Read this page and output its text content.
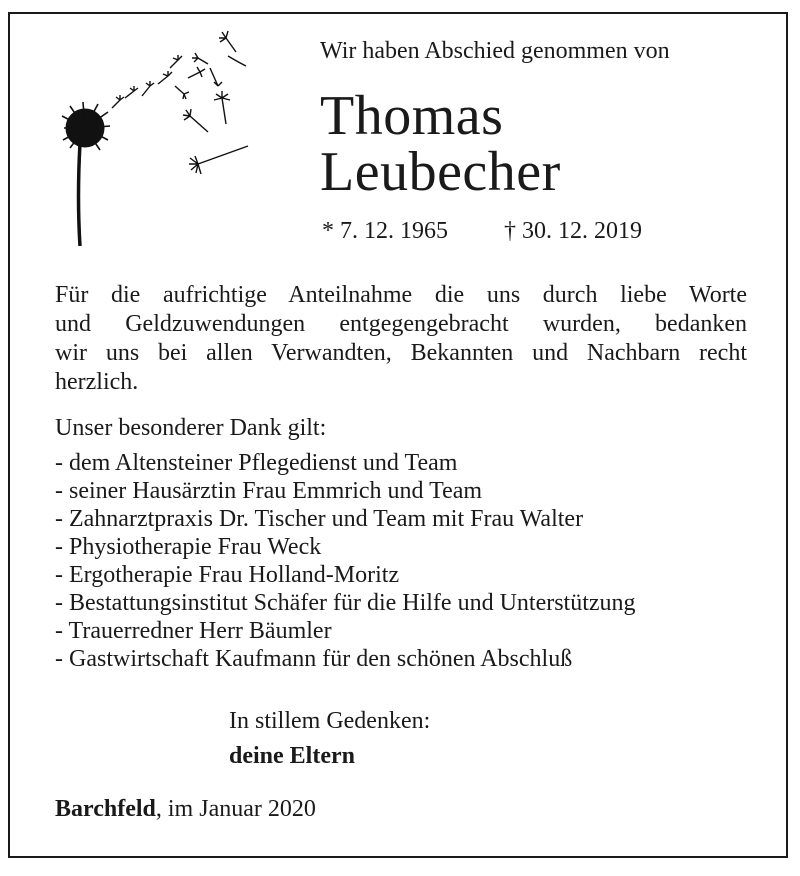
Wir haben Abschied genommen von
Thomas
Leubecher
* 7. 12. 1965 † 30. 12. 2019
Für die aufrichtige Anteilnahme die uns durch liebe Worte
und Geldzuwendungen entgegengebracht wurden, bedanken
wir uns bei allen Verwandten, Bekannten und Nachbarn recht
herzlich.
Unser besonderer Dank gilt:
- dem Altensteiner Pflegedienst und Team
- seiner Hausärztin Frau Emmrich und Team
- Zahnarztpraxis Dr. Tischer und Team mit Frau Walter
- Physiotherapie Frau Weck
- Ergotherapie Frau Holland-Moritz
- Bestattungsinstitut Schäfer für die Hilfe und Unterstützung
- Trauerredner Herr Bäumler
- Gastwirtschaft Kaufmann für den schönen Abschluß
In stillem Gedenken:
deine Eltern
Barchfeld, im Januar 2020
